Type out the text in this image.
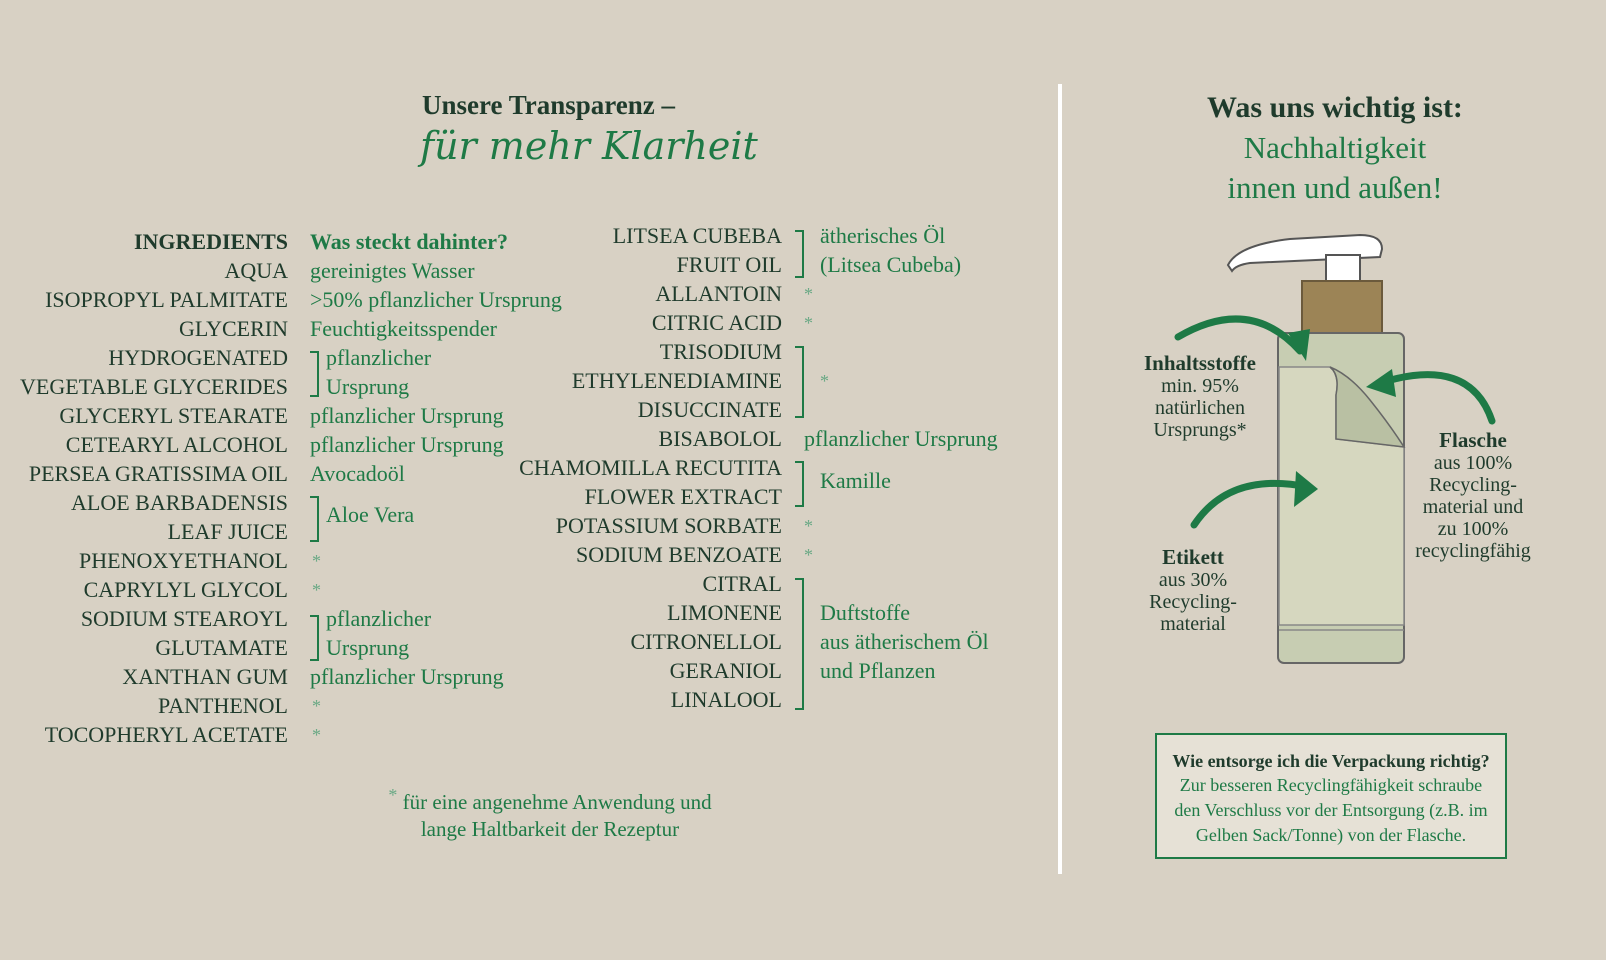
Unsere Transparenz –
für mehr Klarheit
INGREDIENTS Was steckt dahinter?
AQUA gereinigtes Wasser
ISOPROPYL PALMITATE >50% pflanzlicher Ursprung
GLYCERIN Feuchtigkeitsspender
HYDROGENATED pflanzlicher
VEGETABLE GLYCERIDES Ursprung
GLYCERYL STEARATE pflanzlicher Ursprung
CETEARYL ALCOHOL pflanzlicher Ursprung
PERSEA GRATISSIMA OIL Avocadoöl
ALOE BARBADENSIS
LEAF JUICE
PHENOXYETHANOL *
CAPRYLYL GLYCOL *
SODIUM STEAROYL pflanzlicher
GLUTAMATE Ursprung
XANTHAN GUM pflanzlicher Ursprung
PANTHENOL *
TOCOPHERYL ACETATE *
Aloe Vera
LITSEA CUBEBA ätherisches Öl
FRUIT OIL (Litsea Cubeba)
ALLANTOIN *
CITRIC ACID *
TRISODIUM
ETHYLENEDIAMINE *
DISUCCINATE
BISABOLOL pflanzlicher Ursprung
CHAMOMILLA RECUTITA
FLOWER EXTRACT
POTASSIUM SORBATE *
SODIUM BENZOATE *
CITRAL
LIMONENE Duftstoffe
CITRONELLOL aus ätherischem Öl
GERANIOL und Pflanzen
LINALOOL
Kamille
* für eine angenehme Anwendung und
lange Haltbarkeit der Rezeptur
Was uns wichtig ist:
Nachhaltigkeit
innen und außen!
Inhaltsstoffe
min. 95%
natürlichen
Ursprungs*	Flasche
aus 100%
Recycling-
material und
zu 100%
recyclingfähig
Etikett
aus 30%
Recycling-
material
Wie entsorge ich die Verpackung richtig?
Zur besseren Recyclingfähigkeit schraube
den Verschluss vor der Entsorgung (z.B. im
Gelben Sack/Tonne) von der Flasche.
